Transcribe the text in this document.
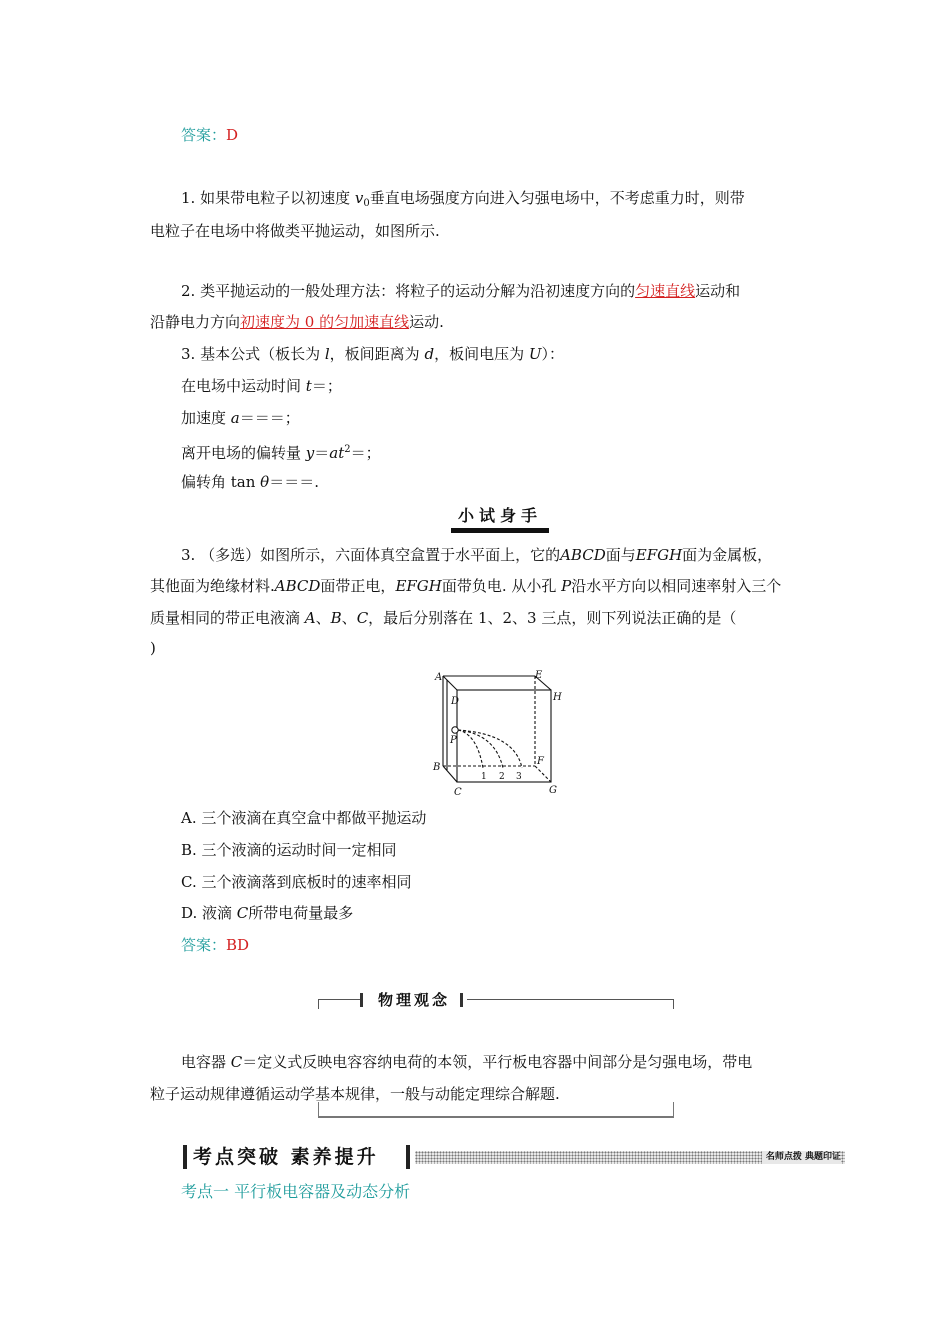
答案：D
1. 如果带电粒子以初速度 $v_0$垂直电场强度方向进入匀强电场中，不考虑重力时，则带
电粒子在电场中将做类平抛运动，如图所示.
2. 类平抛运动的一般处理方法：将粒子的运动分解为沿初速度方向的匀速直线运动和
沿静电力方向初速度为 0 的匀加速直线运动.
3. 基本公式（板长为 l，板间距离为 d，板间电压为 U）：
在电场中运动时间 t＝；
加速度 a＝＝＝；
离开电场的偏转量 $y=at^2=$；
偏转角 tan θ＝＝＝.
小试身手
3. （多选）如图所示，六面体真空盒置于水平面上，它的ABCD面与EFGH面为金属板，
其他面为绝缘材料.ABCD面带正电，EFGH面带负电. 从小孔 P沿水平方向以相同速率射入三个
质量相同的带正电液滴 A、B、C，最后分别落在 1、2、3 三点，则下列说法正确的是（
)
A
D
E
H
P
B
F
C	G
1 2 3
A. 三个液滴在真空盒中都做平抛运动
B. 三个液滴的运动时间一定相同
C. 三个液滴落到底板时的速率相同
D. 液滴 C所带电荷量最多
答案：BD
物理观念
电容器 C＝定义式反映电容容纳电荷的本领，平行板电容器中间部分是匀强电场，带电
粒子运动规律遵循运动学基本规律，一般与动能定理综合解题.
考点突破 素养提升	名师点拨 典题印证
考点一 平行板电容器及动态分析
